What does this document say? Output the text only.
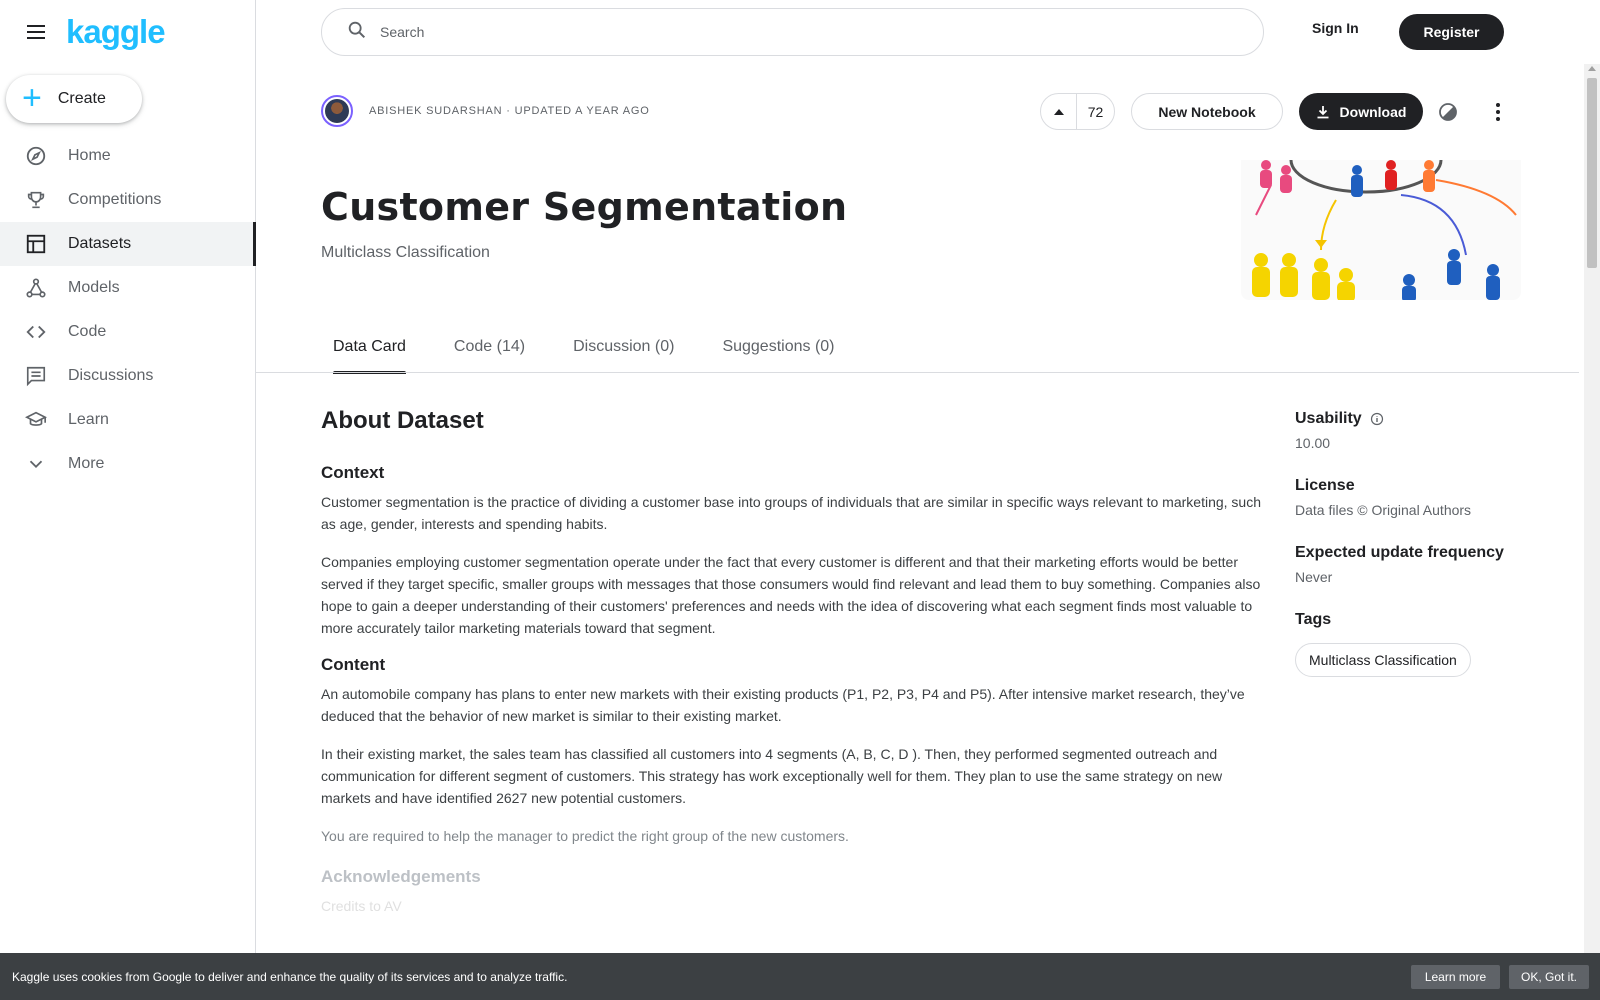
kaggle
+ Create
Home
Competitions
Datasets
Models
Code
Discussions
Learn
More
Search
Sign In	Register
ABISHEK SUDARSHAN · UPDATED A YEAR AGO	72	New Notebook	Download
Customer Segmentation
Multiclass Classification
Data Card	Code (14)	Discussion (0)	Suggestions (0)
About Dataset
Context

Customer segmentation is the practice of dividing a customer base into groups of individuals that are similar in specific ways relevant to marketing, such as age, gender, interests and spending habits.

Companies employing customer segmentation operate under the fact that every customer is different and that their marketing efforts would be better served if they target specific, smaller groups with messages that those consumers would find relevant and lead them to buy something. Companies also hope to gain a deeper understanding of their customers' preferences and needs with the idea of discovering what each segment finds most valuable to more accurately tailor marketing materials toward that segment.

Content

An automobile company has plans to enter new markets with their existing products (P1, P2, P3, P4 and P5). After intensive market research, they’ve deduced that the behavior of new market is similar to their existing market.

In their existing market, the sales team has classified all customers into 4 segments (A, B, C, D ). Then, they performed segmented outreach and communication for different segment of customers. This strategy has work exceptionally well for them. They plan to use the same strategy on new markets and have identified 2627 new potential customers.

You are required to help the manager to predict the right group of the new customers.

Acknowledgements

Credits to AV

Usability
10.00
License
Data files © Original Authors
Expected update frequency
Never
Tags
Multiclass Classification
Kaggle uses cookies from Google to deliver and enhance the quality of its services and to analyze traffic.	Learn more	OK, Got it.
